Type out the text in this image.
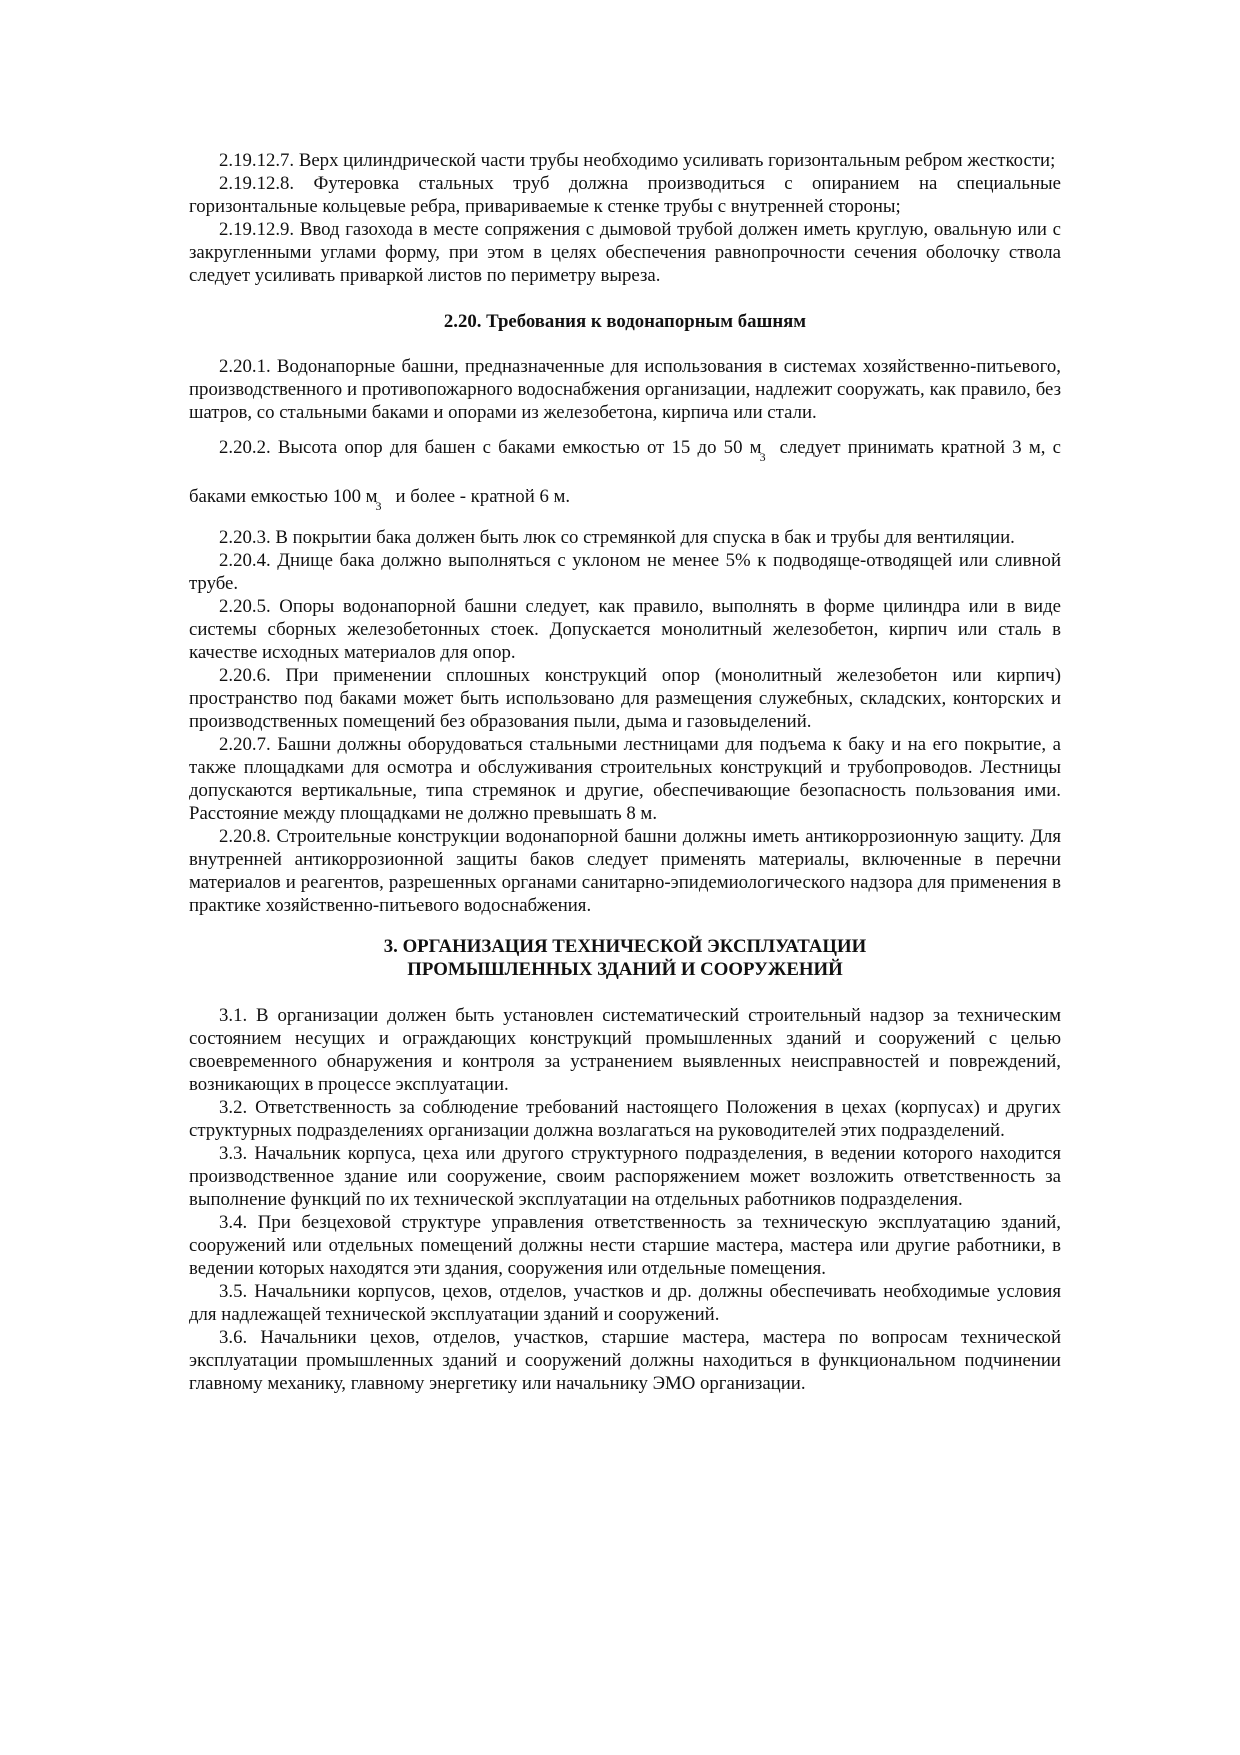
2.19.12.7. Верх цилиндрической части трубы необходимо усиливать горизонтальным ребром жесткости;

2.19.12.8. Футеровка стальных труб должна производиться с опиранием на специальные горизонтальные кольцевые ребра, привариваемые к стенке трубы с внутренней стороны;

2.19.12.9. Ввод газохода в месте сопряжения с дымовой трубой должен иметь круглую, овальную или с закругленными углами форму, при этом в целях обеспечения равнопрочности сечения оболочку ствола следует усиливать приваркой листов по периметру выреза.

2.20. Требования к водонапорным башням

2.20.1. Водонапорные башни, предназначенные для использования в системах хозяйственно-питьевого, производственного и противопожарного водоснабжения организации, надлежит сооружать, как правило, без шатров, со стальными баками и опорами из железобетона, кирпича или стали.

2.20.2. Высота опор для башен с баками емкостью от 15 до 50 $м_3$ следует принимать кратной 3 м, с баками емкостью 100 $м_3$ и более - кратной 6 м.

2.20.3. В покрытии бака должен быть люк со стремянкой для спуска в бак и трубы для вентиляции.

2.20.4. Днище бака должно выполняться с уклоном не менее 5% к подводяще-отводящей или сливной трубе.

2.20.5. Опоры водонапорной башни следует, как правило, выполнять в форме цилиндра или в виде системы сборных железобетонных стоек. Допускается монолитный железобетон, кирпич или сталь в качестве исходных материалов для опор.

2.20.6. При применении сплошных конструкций опор (монолитный железобетон или кирпич) пространство под баками может быть использовано для размещения служебных, складских, конторских и производственных помещений без образования пыли, дыма и газовыделений.

2.20.7. Башни должны оборудоваться стальными лестницами для подъема к баку и на его покрытие, а также площадками для осмотра и обслуживания строительных конструкций и трубопроводов. Лестницы допускаются вертикальные, типа стремянок и другие, обеспечивающие безопасность пользования ими. Расстояние между площадками не должно превышать 8 м.

2.20.8. Строительные конструкции водонапорной башни должны иметь антикоррозионную защиту. Для внутренней антикоррозионной защиты баков следует применять материалы, включенные в перечни материалов и реагентов, разрешенных органами санитарно-эпидемиологического надзора для применения в практике хозяйственно-питьевого водоснабжения.

3. ОРГАНИЗАЦИЯ ТЕХНИЧЕСКОЙ ЭКСПЛУАТАЦИИ
ПРОМЫШЛЕННЫХ ЗДАНИЙ И СООРУЖЕНИЙ

3.1. В организации должен быть установлен систематический строительный надзор за техническим состоянием несущих и ограждающих конструкций промышленных зданий и сооружений с целью своевременного обнаружения и контроля за устранением выявленных неисправностей и повреждений, возникающих в процессе эксплуатации.

3.2. Ответственность за соблюдение требований настоящего Положения в цехах (корпусах) и других структурных подразделениях организации должна возлагаться на руководителей этих подразделений.

3.3. Начальник корпуса, цеха или другого структурного подразделения, в ведении которого находится производственное здание или сооружение, своим распоряжением может возложить ответственность за выполнение функций по их технической эксплуатации на отдельных работников подразделения.

3.4. При безцеховой структуре управления ответственность за техническую эксплуатацию зданий, сооружений или отдельных помещений должны нести старшие мастера, мастера или другие работники, в ведении которых находятся эти здания, сооружения или отдельные помещения.

3.5. Начальники корпусов, цехов, отделов, участков и др. должны обеспечивать необходимые условия для надлежащей технической эксплуатации зданий и сооружений.

3.6. Начальники цехов, отделов, участков, старшие мастера, мастера по вопросам технической эксплуатации промышленных зданий и сооружений должны находиться в функциональном подчинении главному механику, главному энергетику или начальнику ЭМО организации.
